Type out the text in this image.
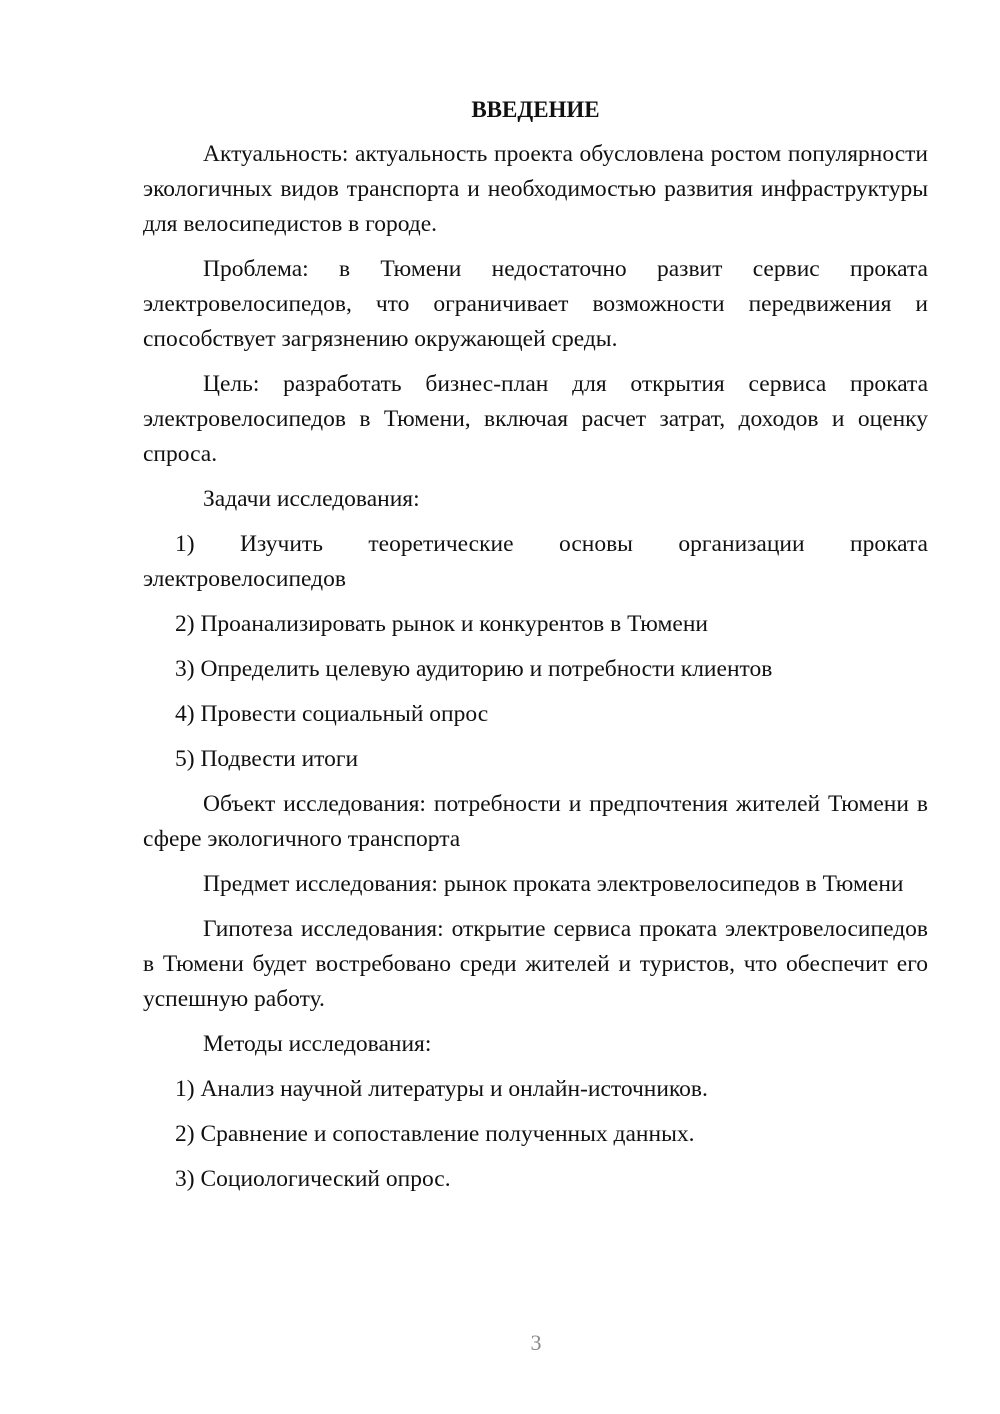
ВВЕДЕНИЕ

Актуальность: актуальность проекта обусловлена ростом популярности экологичных видов транспорта и необходимостью развития инфраструктуры для велосипедистов в городе.

Проблема: в Тюмени недостаточно развит сервис проката электровелосипедов, что ограничивает возможности передвижения и способствует загрязнению окружающей среды.

Цель: разработать бизнес-план для открытия сервиса проката электровелосипедов в Тюмени, включая расчет затрат, доходов и оценку спроса.

Задачи исследования:

1) Изучить теоретические основы организации проката электровелосипедов

2) Проанализировать рынок и конкурентов в Тюмени

3) Определить целевую аудиторию и потребности клиентов

4) Провести социальный опрос

5) Подвести итоги

Объект исследования: потребности и предпочтения жителей Тюмени в сфере экологичного транспорта

Предмет исследования: рынок проката электровелосипедов в Тюмени

Гипотеза исследования: открытие сервиса проката электровелосипедов в Тюмени будет востребовано среди жителей и туристов, что обеспечит его успешную работу.

Методы исследования:

1) Анализ научной литературы и онлайн-источников.

2) Сравнение и сопоставление полученных данных.

3) Социологический опрос.

3
